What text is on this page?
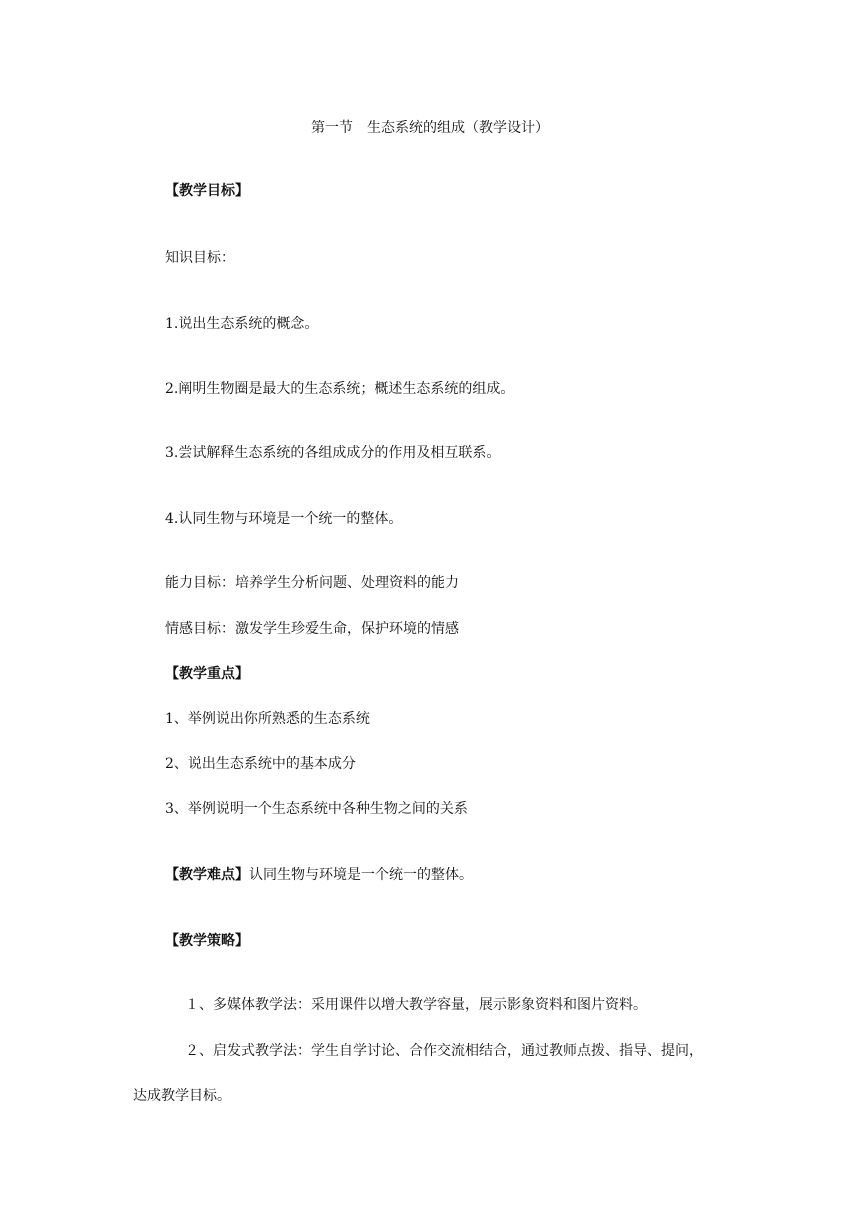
第一节　生态系统的组成（教学设计）
【教学目标】
知识目标：
1.说出生态系统的概念。
2.阐明生物圈是最大的生态系统；概述生态系统的组成。
3.尝试解释生态系统的各组成成分的作用及相互联系。
4.认同生物与环境是一个统一的整体。
能力目标：培养学生分析问题、处理资料的能力
情感目标：激发学生珍爱生命，保护环境的情感
【教学重点】
1、举例说出你所熟悉的生态系统
2、说出生态系统中的基本成分
3、举例说明一个生态系统中各种生物之间的关系
【教学难点】认同生物与环境是一个统一的整体。
【教学策略】
１、多媒体教学法：采用课件以增大教学容量，展示影象资料和图片资料。
２、启发式教学法：学生自学讨论、合作交流相结合，通过教师点拨、指导、提问，
达成教学目标。
